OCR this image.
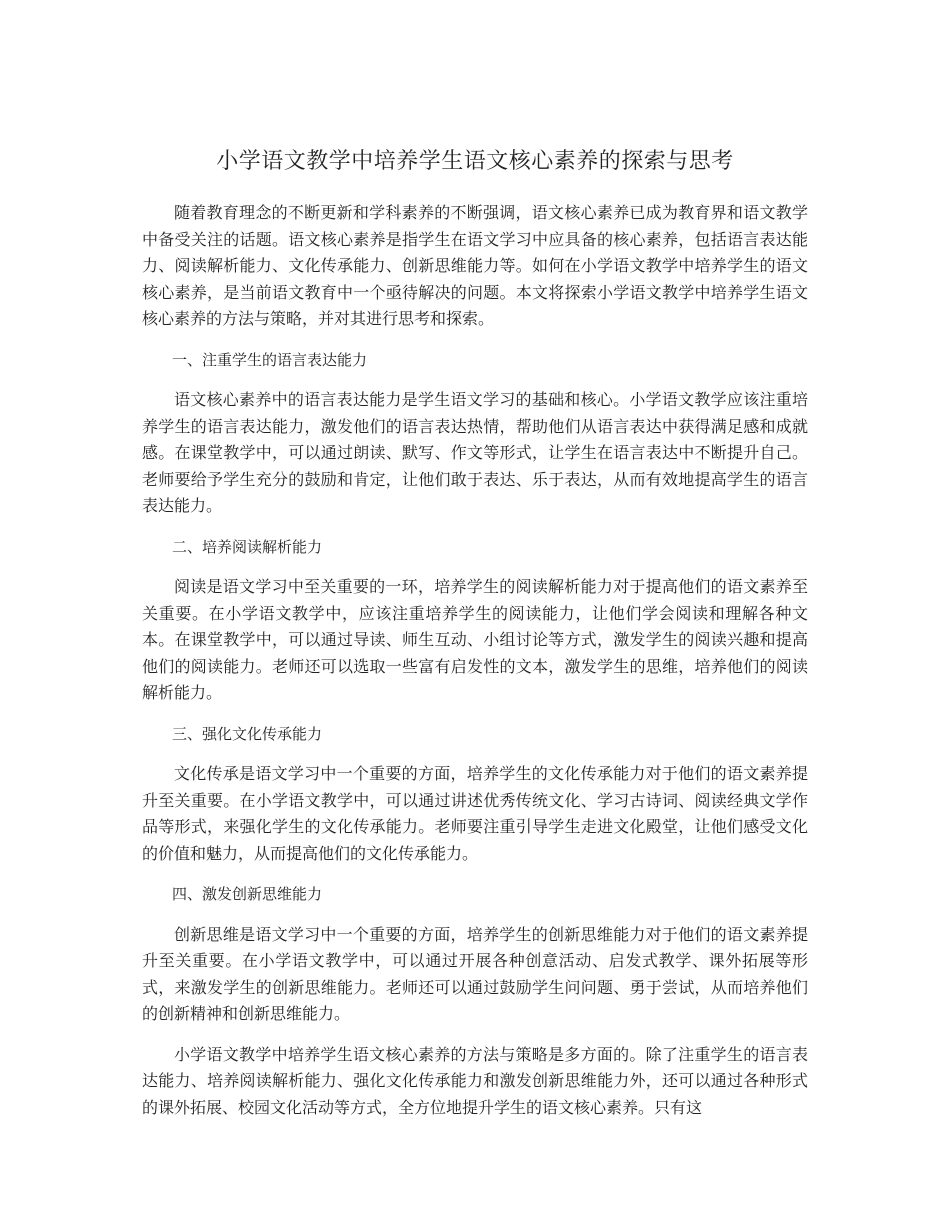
小学语文教学中培养学生语文核心素养的探索与思考

随着教育理念的不断更新和学科素养的不断强调，语文核心素养已成为教育界和语文教学中备受关注的话题。语文核心素养是指学生在语文学习中应具备的核心素养，包括语言表达能力、阅读解析能力、文化传承能力、创新思维能力等。如何在小学语文教学中培养学生的语文核心素养，是当前语文教育中一个亟待解决的问题。本文将探索小学语文教学中培养学生语文核心素养的方法与策略，并对其进行思考和探索。

一、注重学生的语言表达能力

语文核心素养中的语言表达能力是学生语文学习的基础和核心。小学语文教学应该注重培养学生的语言表达能力，激发他们的语言表达热情，帮助他们从语言表达中获得满足感和成就感。在课堂教学中，可以通过朗读、默写、作文等形式，让学生在语言表达中不断提升自己。老师要给予学生充分的鼓励和肯定，让他们敢于表达、乐于表达，从而有效地提高学生的语言表达能力。

二、培养阅读解析能力

阅读是语文学习中至关重要的一环，培养学生的阅读解析能力对于提高他们的语文素养至关重要。在小学语文教学中，应该注重培养学生的阅读能力，让他们学会阅读和理解各种文本。在课堂教学中，可以通过导读、师生互动、小组讨论等方式，激发学生的阅读兴趣和提高他们的阅读能力。老师还可以选取一些富有启发性的文本，激发学生的思维，培养他们的阅读解析能力。

三、强化文化传承能力

文化传承是语文学习中一个重要的方面，培养学生的文化传承能力对于他们的语文素养提升至关重要。在小学语文教学中，可以通过讲述优秀传统文化、学习古诗词、阅读经典文学作品等形式，来强化学生的文化传承能力。老师要注重引导学生走进文化殿堂，让他们感受文化的价值和魅力，从而提高他们的文化传承能力。

四、激发创新思维能力

创新思维是语文学习中一个重要的方面，培养学生的创新思维能力对于他们的语文素养提升至关重要。在小学语文教学中，可以通过开展各种创意活动、启发式教学、课外拓展等形式，来激发学生的创新思维能力。老师还可以通过鼓励学生问问题、勇于尝试，从而培养他们的创新精神和创新思维能力。

小学语文教学中培养学生语文核心素养的方法与策略是多方面的。除了注重学生的语言表达能力、培养阅读解析能力、强化文化传承能力和激发创新思维能力外，还可以通过各种形式的课外拓展、校园文化活动等方式，全方位地提升学生的语文核心素养。只有这
